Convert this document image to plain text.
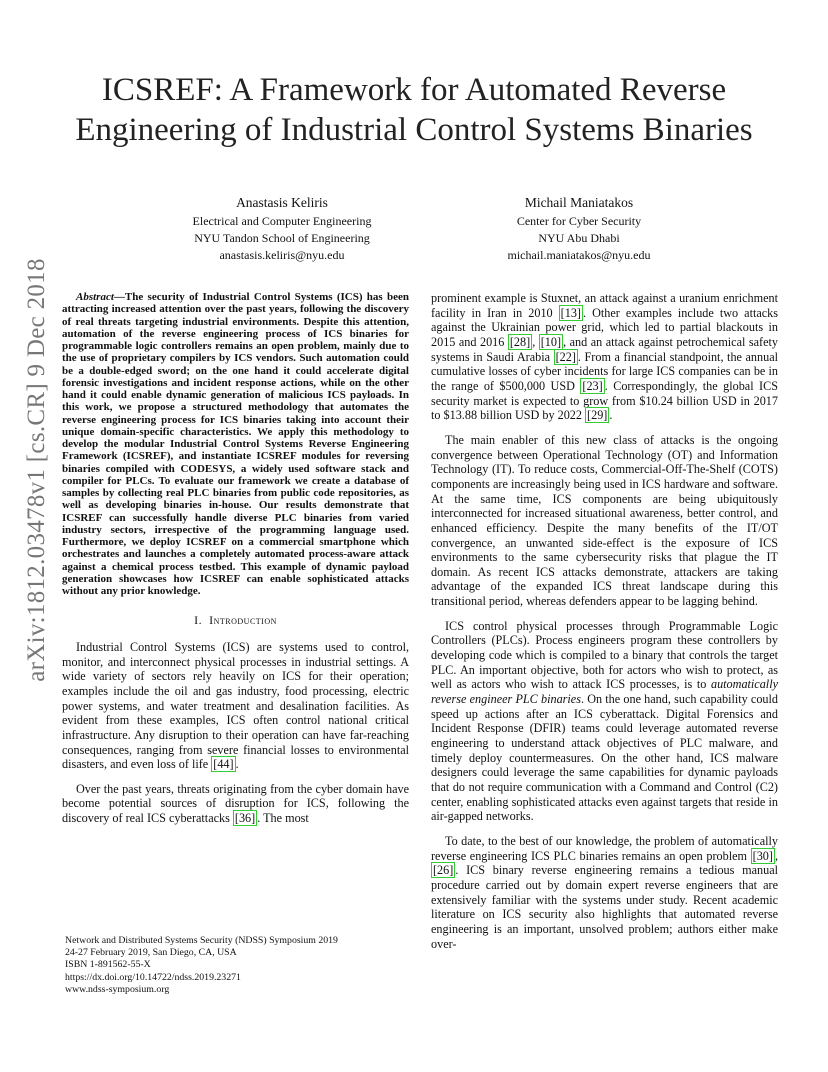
ICSREF: A Framework for Automated Reverse
Engineering of Industrial Control Systems Binaries
Anastasis Keliris
Electrical and Computer Engineering
NYU Tandon School of Engineering
anastasis.keliris@nyu.edu
Michail Maniatakos
Center for Cyber Security
NYU Abu Dhabi
michail.maniatakos@nyu.edu
arXiv:1812.03478v1 [cs.CR] 9 Dec 2018	Abstract—The security of Industrial Control Systems (ICS) has been attracting increased attention over the past years, following the discovery of real threats targeting industrial environments. Despite this attention, automation of the reverse engineering process of ICS binaries for programmable logic controllers remains an open problem, mainly due to the use of proprietary compilers by ICS vendors. Such automation could be a double-edged sword; on the one hand it could accelerate digital forensic investigations and incident response actions, while on the other hand it could enable dynamic generation of malicious ICS payloads. In this work, we propose a structured methodology that automates the reverse engineering process for ICS binaries taking into account their unique domain-specific characteristics. We apply this methodology to develop the modular Industrial Control Systems Reverse Engineering Framework (ICSREF), and instantiate ICSREF modules for reversing binaries compiled with CODESYS, a widely used software stack and compiler for PLCs. To evaluate our framework we create a database of samples by collecting real PLC binaries from public code repositories, as well as developing binaries in-house. Our results demonstrate that ICSREF can successfully handle diverse PLC binaries from varied industry sectors, irrespective of the programming language used. Furthermore, we deploy ICSREF on a commercial smartphone which orchestrates and launches a completely automated process-aware attack against a chemical process testbed. This example of dynamic payload generation showcases how ICSREF can enable sophisticated attacks without any prior knowledge.

I. Introduction

Industrial Control Systems (ICS) are systems used to control, monitor, and interconnect physical processes in industrial settings. A wide variety of sectors rely heavily on ICS for their operation; examples include the oil and gas industry, food processing, electric power systems, and water treatment and desalination facilities. As evident from these examples, ICS often control national critical infrastructure. Any disruption to their operation can have far-reaching consequences, ranging from severe financial losses to environmental disasters, and even loss of life [44] .

Over the past years, threats originating from the cyber domain have become potential sources of disruption for ICS, following the discovery of real ICS cyberattacks [36] . The most

prominent example is Stuxnet, an attack against a uranium enrichment facility in Iran in 2010 [13] . Other examples include two attacks against the Ukrainian power grid, which led to partial blackouts in 2015 and 2016 [28] , [10] , and an attack against petrochemical safety systems in Saudi Arabia [22] . From a financial standpoint, the annual cumulative losses of cyber incidents for large ICS companies can be in the range of $500,000 USD [23] . Correspondingly, the global ICS security market is expected to grow from $10.24 billion USD in 2017 to $13.88 billion USD by 2022 [29] .

The main enabler of this new class of attacks is the ongoing convergence between Operational Technology (OT) and Information Technology (IT). To reduce costs, Commercial-Off-The-Shelf (COTS) components are increasingly being used in ICS hardware and software. At the same time, ICS components are being ubiquitously interconnected for increased situational awareness, better control, and enhanced efficiency. Despite the many benefits of the IT/OT convergence, an unwanted side-effect is the exposure of ICS environments to the same cybersecurity risks that plague the IT domain. As recent ICS attacks demonstrate, attackers are taking advantage of the expanded ICS threat landscape during this transitional period, whereas defenders appear to be lagging behind.

ICS control physical processes through Programmable Logic Controllers (PLCs). Process engineers program these controllers by developing code which is compiled to a binary that controls the target PLC. An important objective, both for actors who wish to protect, as well as actors who wish to attack ICS processes, is to automatically reverse engineer PLC binaries. On the one hand, such capability could speed up actions after an ICS cyberattack. Digital Forensics and Incident Response (DFIR) teams could leverage automated reverse engineering to understand attack objectives of PLC malware, and timely deploy countermeasures. On the other hand, ICS malware designers could leverage the same capabilities for dynamic payloads that do not require communication with a Command and Control (C2) center, enabling sophisticated attacks even against targets that reside in air-gapped networks.

To date, to the best of our knowledge, the problem of automatically reverse engineering ICS PLC binaries remains an open problem [30] , [26] . ICS binary reverse engineering remains a tedious manual procedure carried out by domain expert reverse engineers that are extensively familiar with the systems under study. Recent academic literature on ICS security also highlights that automated reverse engineering is an important, unsolved problem; authors either make over-

Network and Distributed Systems Security (NDSS) Symposium 2019
24-27 February 2019, San Diego, CA, USA
ISBN 1-891562-55-X
https://dx.doi.org/10.14722/ndss.2019.23271
www.ndss-symposium.org
